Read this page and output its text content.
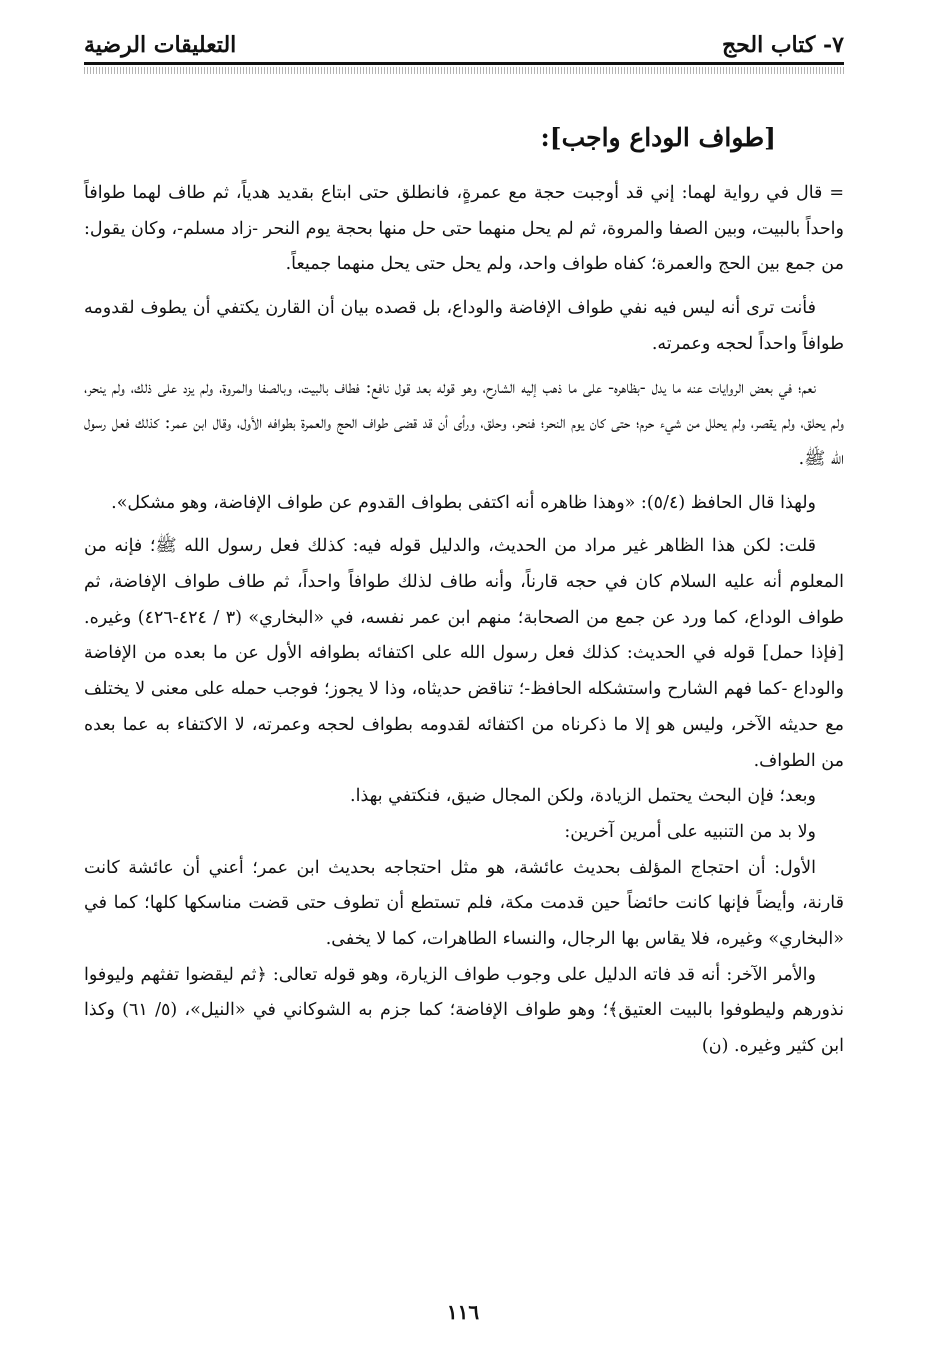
٧- كتاب الحج
التعليقات الرضية
[طواف الوداع واجب]:

= قال في رواية لهما: إني قد أوجبت حجة مع عمرةٍ، فانطلق حتى ابتاع بقديد هدياً، ثم طاف لهما طوافاً واحداً بالبيت، وبين الصفا والمروة، ثم لم يحل منهما حتى حل منها بحجة يوم النحر -زاد مسلم-، وكان يقول: من جمع بين الحج والعمرة؛ كفاه طواف واحد، ولم يحل حتى يحل منهما جميعاً.

فأنت ترى أنه ليس فيه نفي طواف الإفاضة والوداع، بل قصده بيان أن القارن يكتفي أن يطوف لقدومه طوافاً واحداً لحجه وعمرته.

نعم؛ في بعض الروايات عنه ما يدل -بظاهره- على ما ذهب إليه الشارح، وهو قوله بعد قول نافع: فطاف بالبيت، وبالصفا والمروة، ولم يزد على ذلك، ولم ينحر، ولم يحلق، ولم يقصر، ولم يحلل من شيء حرم؛ حتى كان يوم النحر؛ فنحر، وحلق، ورأى أن قد قضى طواف الحج والعمرة بطوافه الأول، وقال ابن عمر: كذلك فعل رسول الله ﷺ.

ولهذا قال الحافظ (٥/٤): «وهذا ظاهره أنه اكتفى بطواف القدوم عن طواف الإفاضة، وهو مشكل».

قلت: لكن هذا الظاهر غير مراد من الحديث، والدليل قوله فيه: كذلك فعل رسول الله ﷺ؛ فإنه من المعلوم أنه عليه السلام كان في حجه قارناً، وأنه طاف لذلك طوافاً واحداً، ثم طاف طواف الإفاضة، ثم طواف الوداع، كما ورد عن جمع من الصحابة؛ منهم ابن عمر نفسه، في «البخاري» (٣ / ٤٢٤-٤٢٦) وغيره. [فإذا حمل] قوله في الحديث: كذلك فعل رسول الله على اكتفائه بطوافه الأول عن ما بعده من الإفاضة والوداع -كما فهم الشارح واستشكله الحافظ-؛ تناقض حديثاه، وذا لا يجوز؛ فوجب حمله على معنى لا يختلف مع حديثه الآخر، وليس هو إلا ما ذكرناه من اكتفائه لقدومه بطواف لحجه وعمرته، لا الاكتفاء به عما بعده من الطواف.

وبعد؛ فإن البحث يحتمل الزيادة، ولكن المجال ضيق، فنكتفي بهذا.

ولا بد من التنبيه على أمرين آخرين:

الأول: أن احتجاج المؤلف بحديث عائشة، هو مثل احتجاجه بحديث ابن عمر؛ أعني أن عائشة كانت قارنة، وأيضاً فإنها كانت حائضاً حين قدمت مكة، فلم تستطع أن تطوف حتى قضت مناسكها كلها؛ كما في «البخاري» وغيره، فلا يقاس بها الرجال، والنساء الطاهرات، كما لا يخفى.

والأمر الآخر: أنه قد فاته الدليل على وجوب طواف الزيارة، وهو قوله تعالى: ﴿ثم ليقضوا تفثهم وليوفوا نذورهم وليطوفوا بالبيت العتيق﴾؛ وهو طواف الإفاضة؛ كما جزم به الشوكاني في «النيل»، (٥/ ٦١) وكذا ابن كثير وغيره. (ن)

١١٦
